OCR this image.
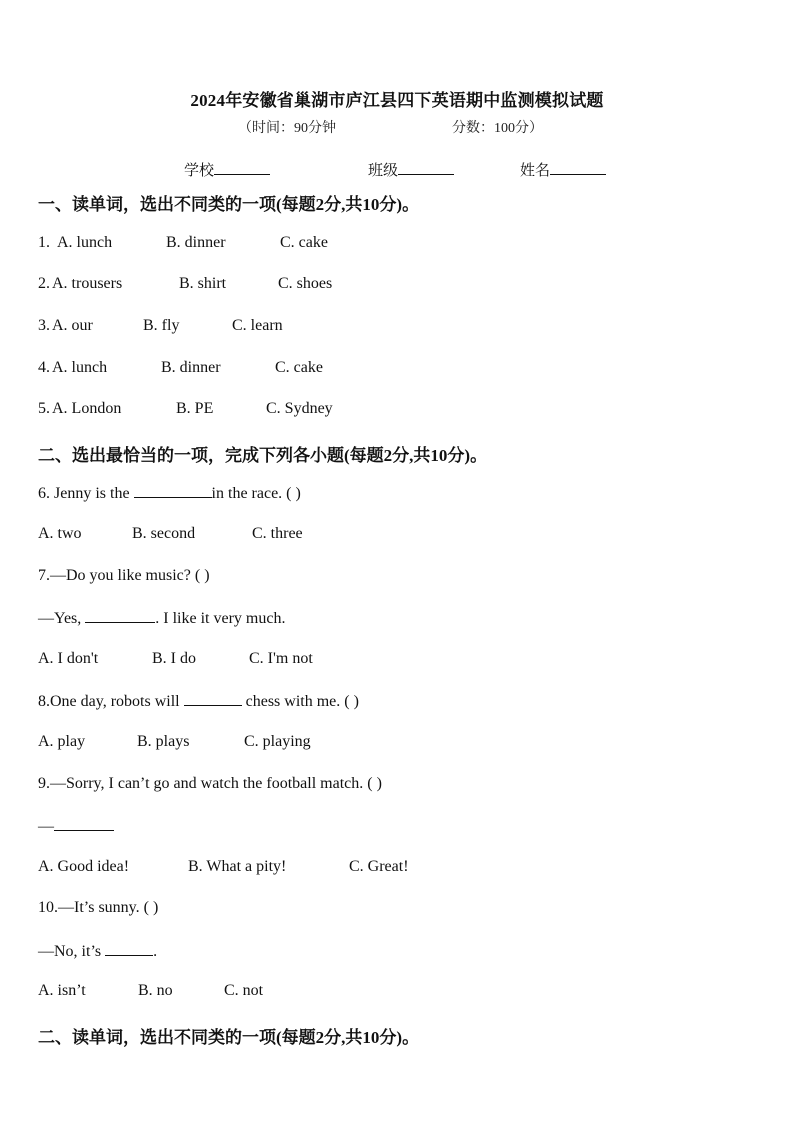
2024年安徽省巢湖市庐江县四下英语期中监测模拟试题
（时间：90分钟	分数：100分）
学校	班级	姓名
一、读单词，选出不同类的一项(每题2分,共10分)。
1. A. lunch	B. dinner	C. cake
2. A. trousers	B. shirt	C. shoes
3. A. our	B. fly	C. learn
4. A. lunch	B. dinner	C. cake
5. A. London	B. PE	C. Sydney
二、选出最恰当的一项，完成下列各小题(每题2分,共10分)。
6. Jenny is the	in the race. ( )
A. two	B. second	C. three
7.—Do you like music? ( )
—Yes,	. I like it very much.
A. I don't	B. I do	C. I'm not
8.One day, robots will	chess with me. ( )
A. play	B. plays	C. playing
9.—Sorry, I can’t go and watch the football match. ( )
—
A. Good idea!	B. What a pity!	C. Great!
10.—It’s sunny. ( )
—No, it’s	.
A. isn’t	B. no	C. not
二、读单词，选出不同类的一项(每题2分,共10分)。
